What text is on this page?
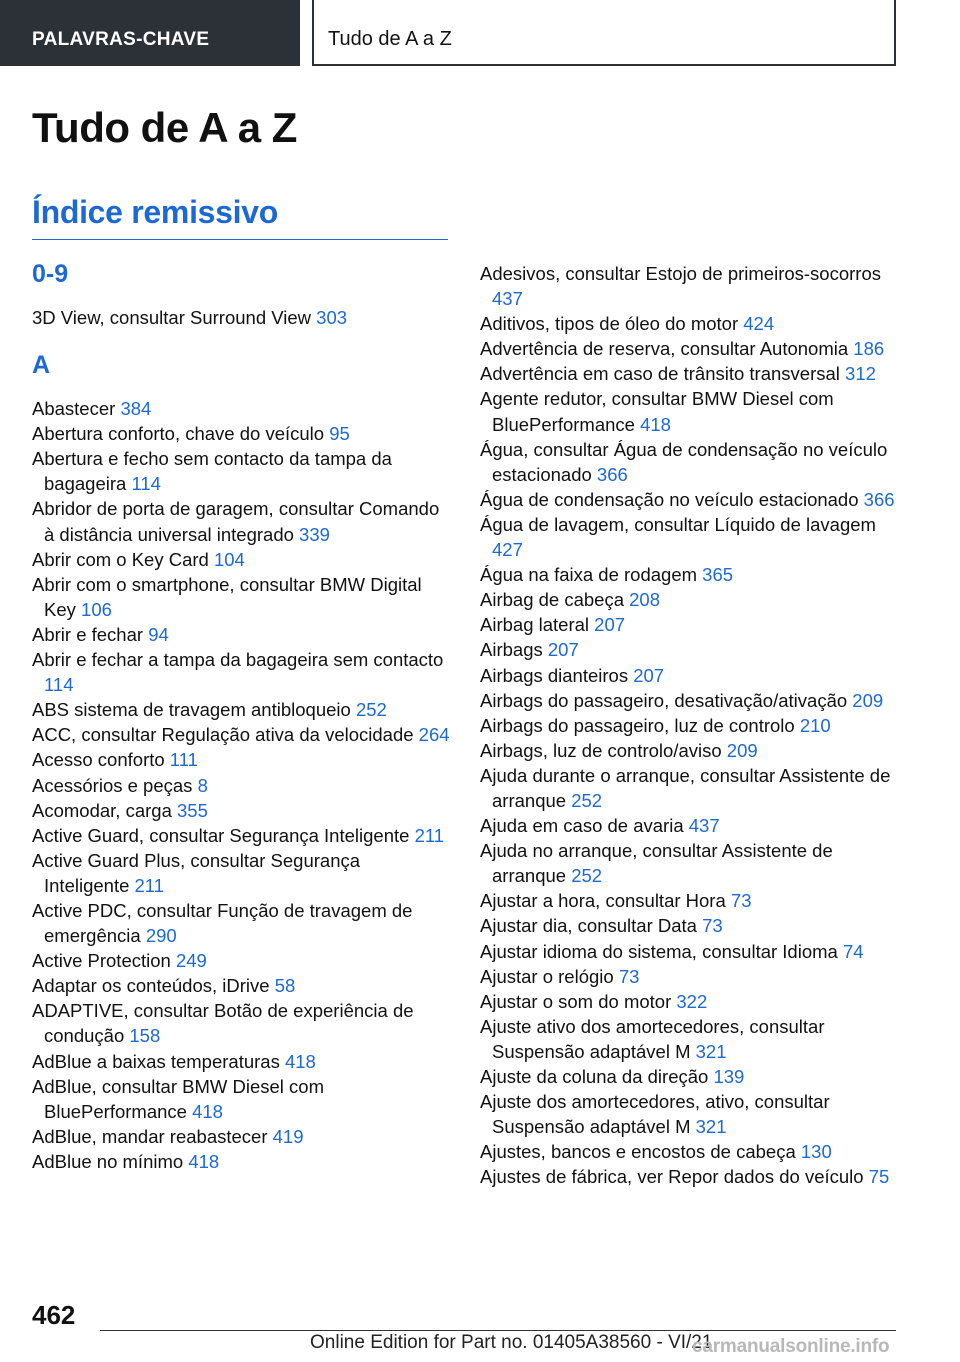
PALAVRAS-CHAVE	Tudo de A a Z
Tudo de A a Z
Índice remissivo
0-9
3D View, consultar Surround View 303
A
Abastecer 384
Abertura conforto, chave do veículo 95
Abertura e fecho sem contacto da tampa da bagageira 114
Abridor de porta de garagem, consultar Comando à distância universal integrado 339
Abrir com o Key Card 104
Abrir com o smartphone, consultar BMW Digital Key 106
Abrir e fechar 94
Abrir e fechar a tampa da bagageira sem contacto 114
ABS sistema de travagem antibloqueio 252
ACC, consultar Regulação ativa da velocidade 264
Acesso conforto 111
Acessórios e peças 8
Acomodar, carga 355
Active Guard, consultar Segurança Inteligente 211
Active Guard Plus, consultar Segurança Inteligente 211
Active PDC, consultar Função de travagem de emergência 290
Active Protection 249
Adaptar os conteúdos, iDrive 58
ADAPTIVE, consultar Botão de experiência de condução 158
AdBlue a baixas temperaturas 418
AdBlue, consultar BMW Diesel com BluePerformance 418
AdBlue, mandar reabastecer 419
AdBlue no mínimo 418
Adesivos, consultar Estojo de primeiros-socorros 437
Aditivos, tipos de óleo do motor 424
Advertência de reserva, consultar Autonomia 186
Advertência em caso de trânsito transversal 312
Agente redutor, consultar BMW Diesel com BluePerformance 418
Água, consultar Água de condensação no veículo estacionado 366
Água de condensação no veículo estacionado 366
Água de lavagem, consultar Líquido de lavagem 427
Água na faixa de rodagem 365
Airbag de cabeça 208
Airbag lateral 207
Airbags 207
Airbags dianteiros 207
Airbags do passageiro, desativação/ativação 209
Airbags do passageiro, luz de controlo 210
Airbags, luz de controlo/aviso 209
Ajuda durante o arranque, consultar Assistente de arranque 252
Ajuda em caso de avaria 437
Ajuda no arranque, consultar Assistente de arranque 252
Ajustar a hora, consultar Hora 73
Ajustar dia, consultar Data 73
Ajustar idioma do sistema, consultar Idioma 74
Ajustar o relógio 73
Ajustar o som do motor 322
Ajuste ativo dos amortecedores, consultar Suspensão adaptável M 321
Ajuste da coluna da direção 139
Ajuste dos amortecedores, ativo, consultar Suspensão adaptável M 321
Ajustes, bancos e encostos de cabeça 130
Ajustes de fábrica, ver Repor dados do veículo 75
462
Online Edition for Part no. 01405A38560 - VI/21
carmanualsonline.info
